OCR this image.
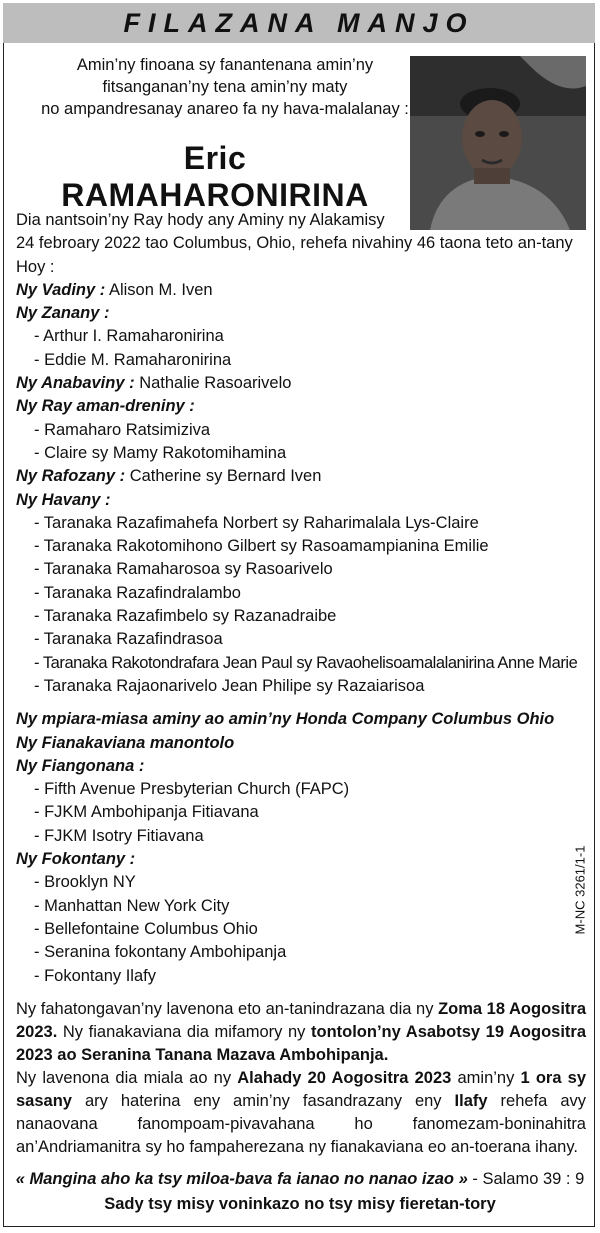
FILAZANA MANJO
Amin’ny finoana sy fanantenana amin’ny
fitsanganan’ny tena amin’ny maty
no ampandresanay anareo fa ny hava-malalanay :
Eric RAMAHARONIRINA

Dia nantsoin’ny Ray hody any Aminy ny Alakamisy

24 febroary 2022 tao Columbus, Ohio, rehefa nivahiny 46 taona teto an-tany

Hoy :

Ny Vadiny : Alison M. Iven

Ny Zanany :

- Arthur I. Ramaharonirina

- Eddie M. Ramaharonirina

Ny Anabaviny : Nathalie Rasoarivelo

Ny Ray aman-dreniny :

- Ramaharo Ratsimiziva

- Claire sy Mamy Rakotomihamina

Ny Rafozany : Catherine sy Bernard Iven

Ny Havany :

- Taranaka Razafimahefa Norbert sy Raharimalala Lys-Claire

- Taranaka Rakotomihono Gilbert sy Rasoamampianina Emilie

- Taranaka Ramaharosoa sy Rasoarivelo

- Taranaka Razafindralambo

- Taranaka Razafimbelo sy Razanadraibe

- Taranaka Razafindrasoa

- Taranaka Rakotondrafara Jean Paul sy Ravaohelisoamalalanirina Anne Marie

- Taranaka Rajaonarivelo Jean Philipe sy Razaiarisoa

Ny mpiara-miasa aminy ao amin’ny Honda Company Columbus Ohio

Ny Fianakaviana manontolo

Ny Fiangonana :

- Fifth Avenue Presbyterian Church (FAPC)

- FJKM Ambohipanja Fitiavana

- FJKM Isotry Fitiavana

Ny Fokontany :

- Brooklyn NY

- Manhattan New York City

- Bellefontaine Columbus Ohio

- Seranina fokontany Ambohipanja

- Fokontany Ilafy

Ny fahatongavan’ny lavenona eto an-tanindrazana dia ny Zoma 18 Aogositra 2023. Ny fianakaviana dia mifamory ny tontolon’ny Asabotsy 19 Aogositra 2023 ao Seranina Tanana Mazava Ambohipanja.

Ny lavenona dia miala ao ny Alahady 20 Aogositra 2023 amin’ny 1 ora sy sasany ary haterina eny amin’ny fasandrazany eny Ilafy rehefa avy nanaovana fanompoam-pivavahana ho fanomezam-boninahitra an’Andriamanitra sy ho fampaherezana ny fianakaviana eo an-toerana ihany.

M-NC 3261/1-1
« Mangina aho ka tsy miloa-bava fa ianao no nanao izao » - Salamo 39 : 9
Sady tsy misy voninkazo no tsy misy fieretan-tory
